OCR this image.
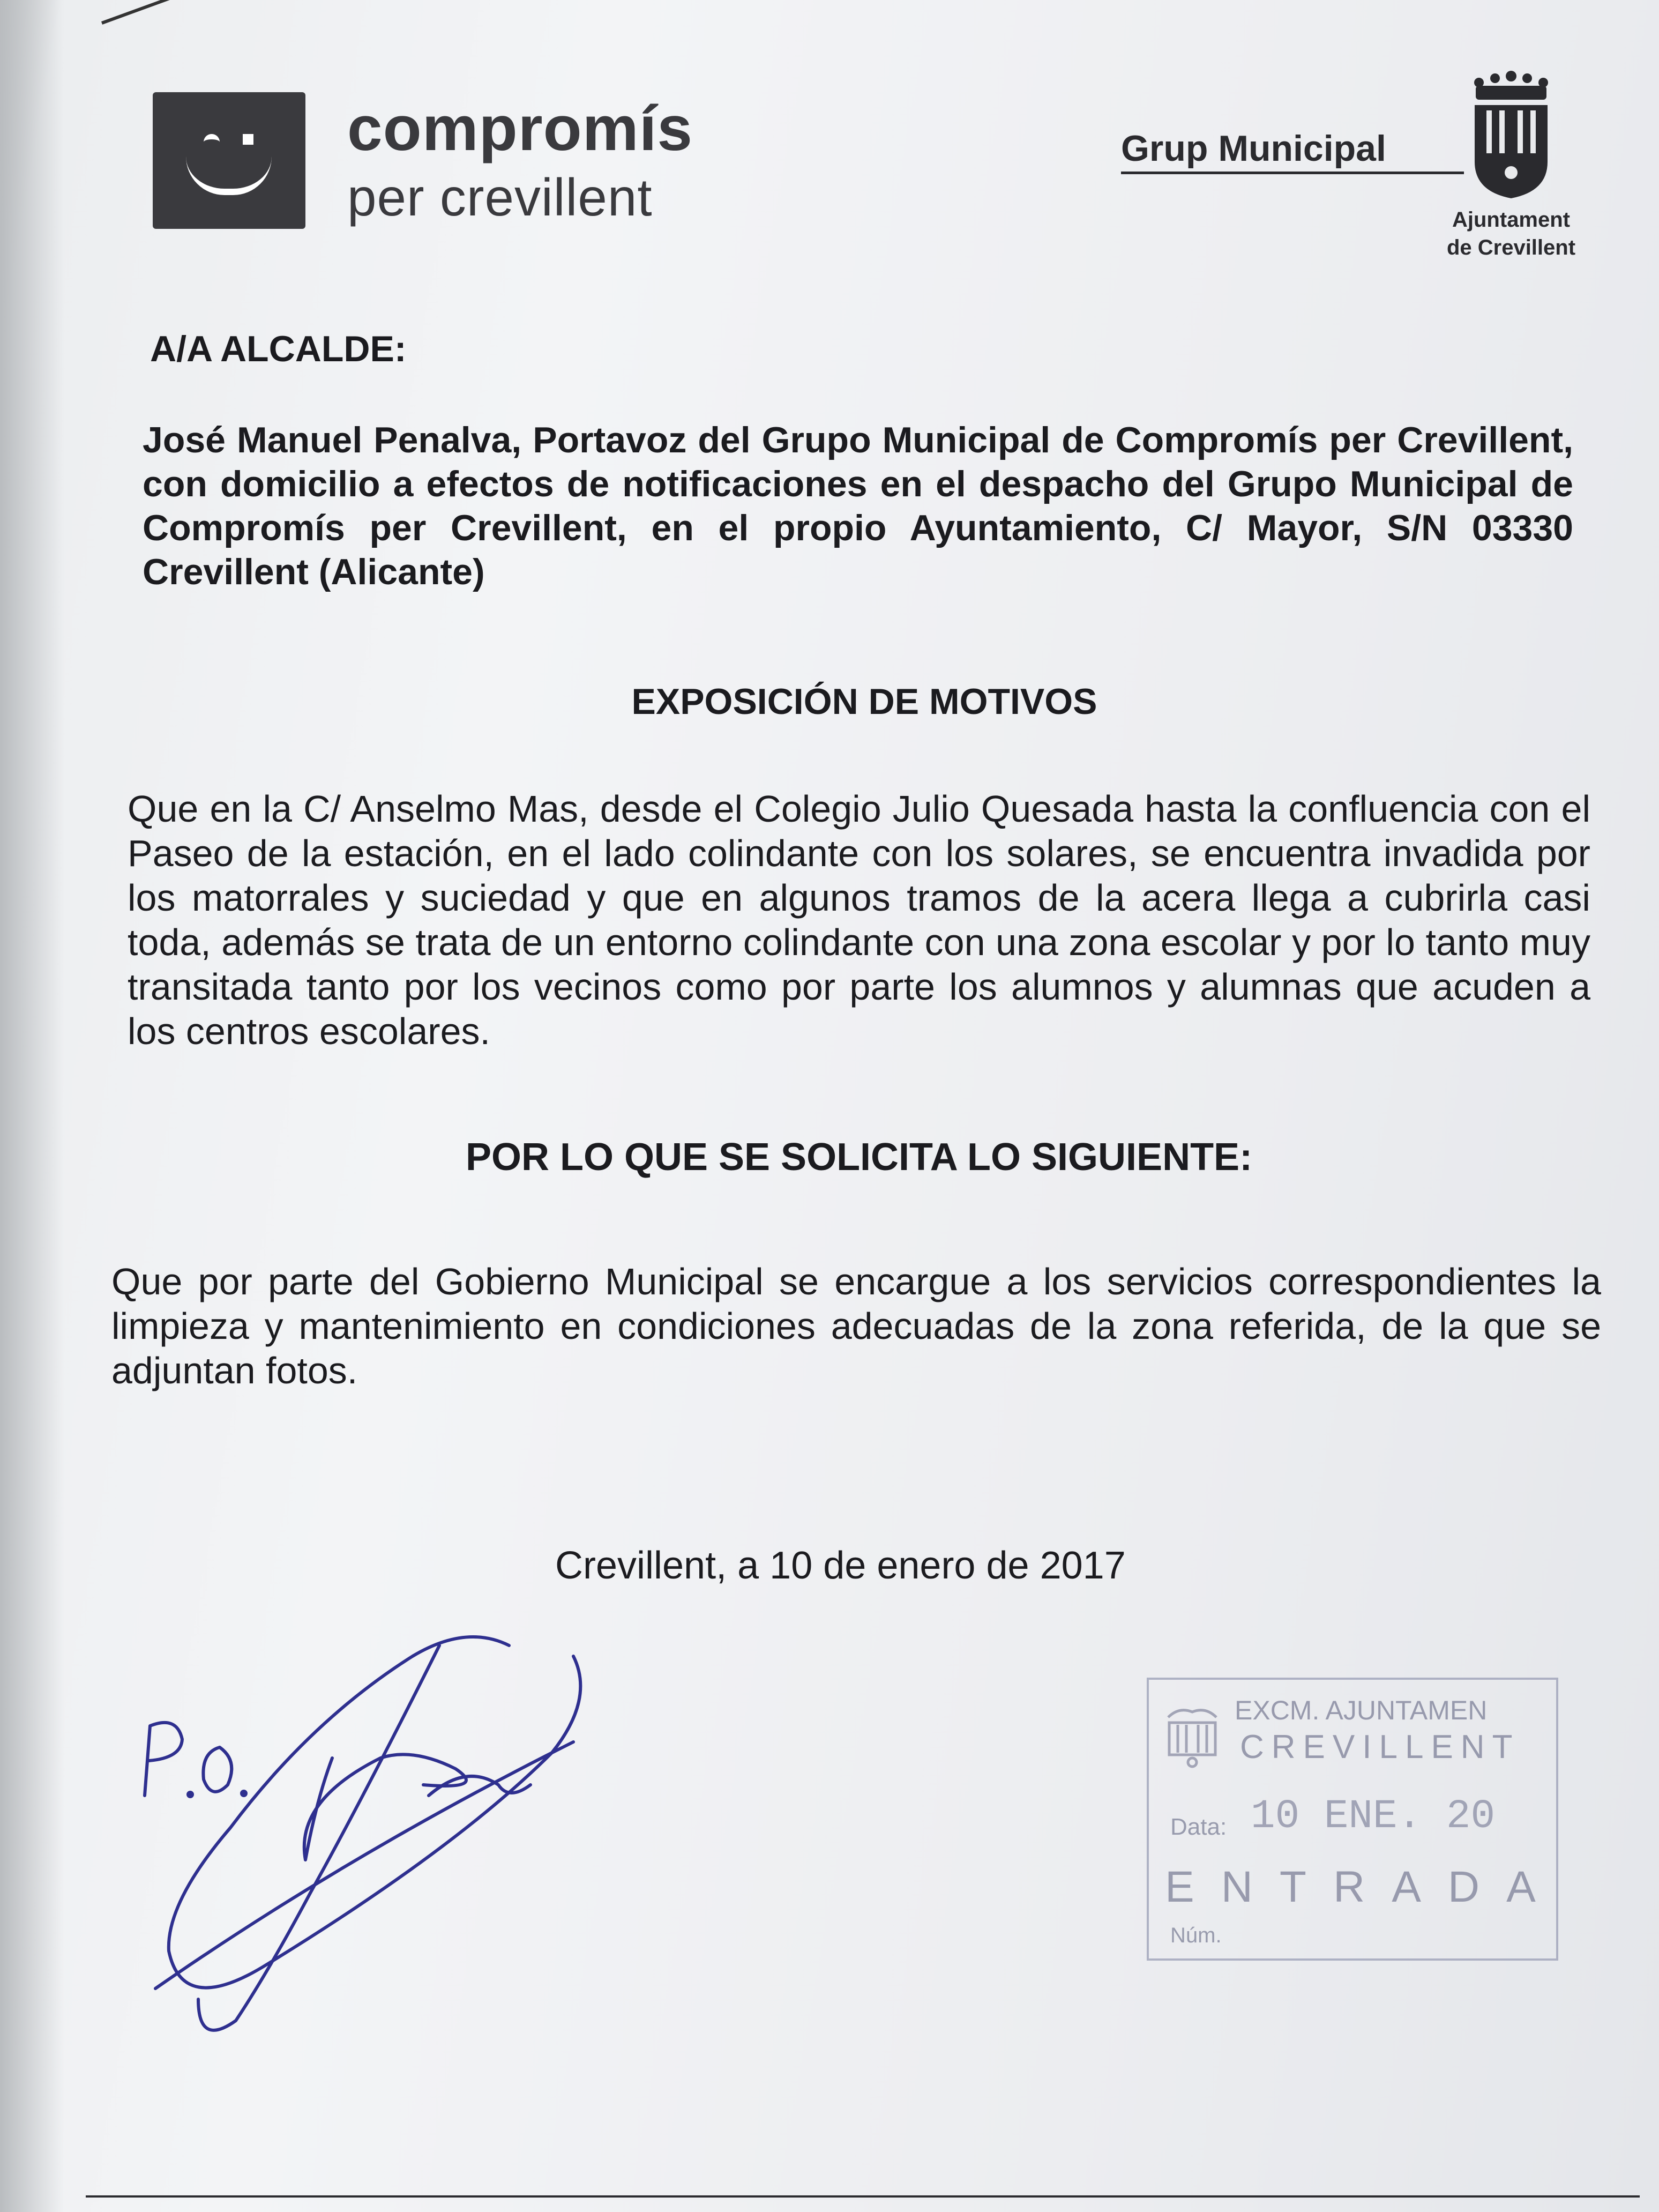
compromís
per crevillent
Grup Municipal
Ajuntament
de Crevillent
A/A ALCALDE:
José Manuel Penalva, Portavoz del Grupo Municipal de Compromís per Crevillent, con domicilio a efectos de notificaciones en el despacho del Grupo Municipal de Compromís per Crevillent, en el propio Ayuntamiento, C/ Mayor, S/N 03330 Crevillent (Alicante)
EXPOSICIÓN DE MOTIVOS
Que en la C/ Anselmo Mas, desde el Colegio Julio Quesada hasta la confluencia con el Paseo de la estación, en el lado colindante con los solares, se encuentra invadida por los matorrales y suciedad y que en algunos tramos de la acera llega a cubrirla casi toda, además se trata de un entorno colindante con una zona escolar y por lo tanto muy transitada tanto por los vecinos como por parte los alumnos y alumnas que acuden a los centros escolares.
POR LO QUE SE SOLICITA LO SIGUIENTE:
Que por parte del Gobierno Municipal se encargue a los servicios correspondientes la limpieza y mantenimiento en condiciones adecuadas de la zona referida, de la que se adjuntan fotos.
Crevillent, a 10 de enero de 2017
EXCM. AJUNTAMEN
CREVILLENT
Data: 10 ENE. 20
ENTRADA
Núm.
